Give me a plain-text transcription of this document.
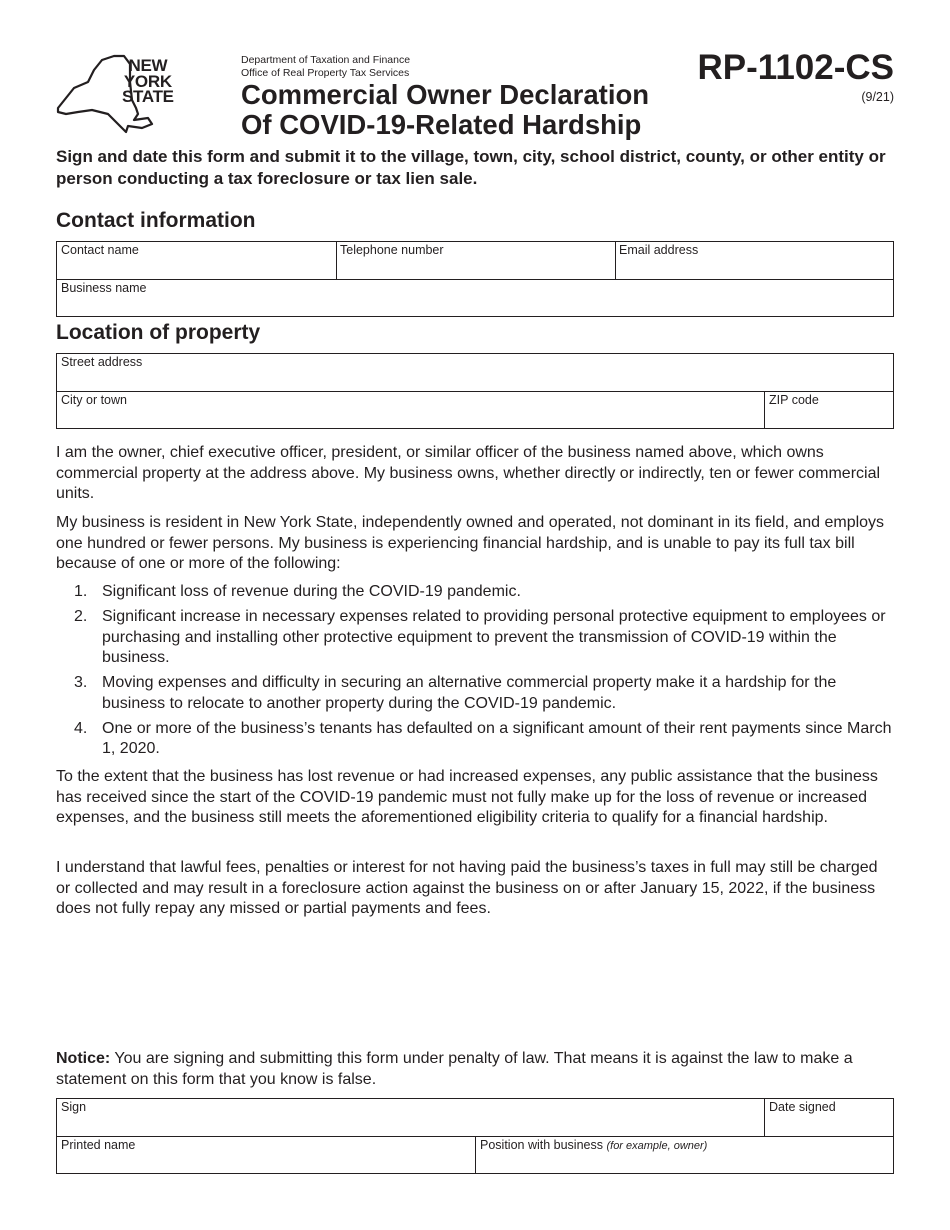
NEW
YORK
STATE
Department of Taxation and Finance
Office of Real Property Tax Services
Commercial Owner Declaration
Of COVID-19-Related Hardship
RP-1102-CS
(9/21)
Sign and date this form and submit it to the village, town, city, school district, county, or other entity or person conducting a tax foreclosure or tax lien sale.
Contact information
Contact name	Telephone number	Email address
Business name
Location of property
Street address
City or town	ZIP code

I am the owner, chief executive officer, president, or similar officer of the business named above, which owns commercial property at the address above. My business owns, whether directly or indirectly, ten or fewer commercial units.

My business is resident in New York State, independently owned and operated, not dominant in its field, and employs one hundred or fewer persons. My business is experiencing financial hardship, and is unable to pay its full tax bill because of one or more of the following:

1. Significant loss of revenue during the COVID-19 pandemic.
2. Significant increase in necessary expenses related to providing personal protective equipment to employees or purchasing and installing other protective equipment to prevent the transmission of COVID-19 within the business.
3. Moving expenses and difficulty in securing an alternative commercial property make it a hardship for the business to relocate to another property during the COVID-19 pandemic.
4. One or more of the business’s tenants has defaulted on a significant amount of their rent payments since March 1, 2020.

To the extent that the business has lost revenue or had increased expenses, any public assistance that the business has received since the start of the COVID-19 pandemic must not fully make up for the loss of revenue or increased expenses, and the business still meets the aforementioned eligibility criteria to qualify for a financial hardship.

I understand that lawful fees, penalties or interest for not having paid the business’s taxes in full may still be charged or collected and may result in a foreclosure action against the business on or after January 15, 2022, if the business does not fully repay any missed or partial payments and fees.

Notice: You are signing and submitting this form under penalty of law. That means it is against the law to make a statement on this form that you know is false.
Sign	Date signed
Printed name	Position with business (for example, owner)
